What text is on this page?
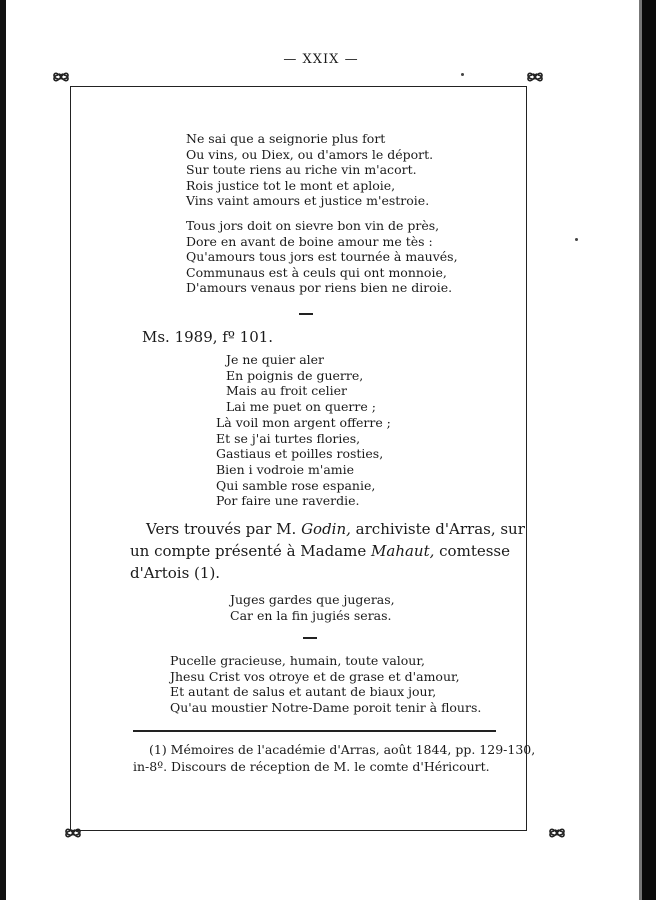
— XXIX —
Ne sai que a seignorie plus fort
Ou vins, ou Diex, ou d'amors le déport.
Sur toute riens au riche vin m'acort.
Rois justice tot le mont et aploie,
Vins vaint amours et justice m'estroie.
Tous jors doit on sievre bon vin de près,
Dore en avant de boine amour me tès :
Qu'amours tous jors est tournée à mauvés,
Communaus est à ceuls qui ont monnoie,
D'amours venaus por riens bien ne diroie.
Ms. 1989, fº 101.
Je ne quier aler
En poignis de guerre,
Mais au froit celier
Lai me puet on querre ;
Là voil mon argent offerre ;
Et se j'ai turtes flories,
Gastiaus et poilles rosties,
Bien i vodroie m'amie
Qui samble rose espanie,
Por faire une raverdie.
Vers trouvés par M. Godin, archiviste d'Arras, sur
un compte présenté à Madame Mahaut, comtesse
d'Artois (1).
Juges gardes que jugeras,
Car en la fin jugiés seras.
Pucelle gracieuse, humain, toute valour,
Jhesu Crist vos otroye et de grase et d'amour,
Et autant de salus et autant de biaux jour,
Qu'au moustier Notre-Dame poroit tenir à flours.
(1) Mémoires de l'académie d'Arras, août 1844, pp. 129-130,
in-8º. Discours de réception de M. le comte d'Héricourt.
